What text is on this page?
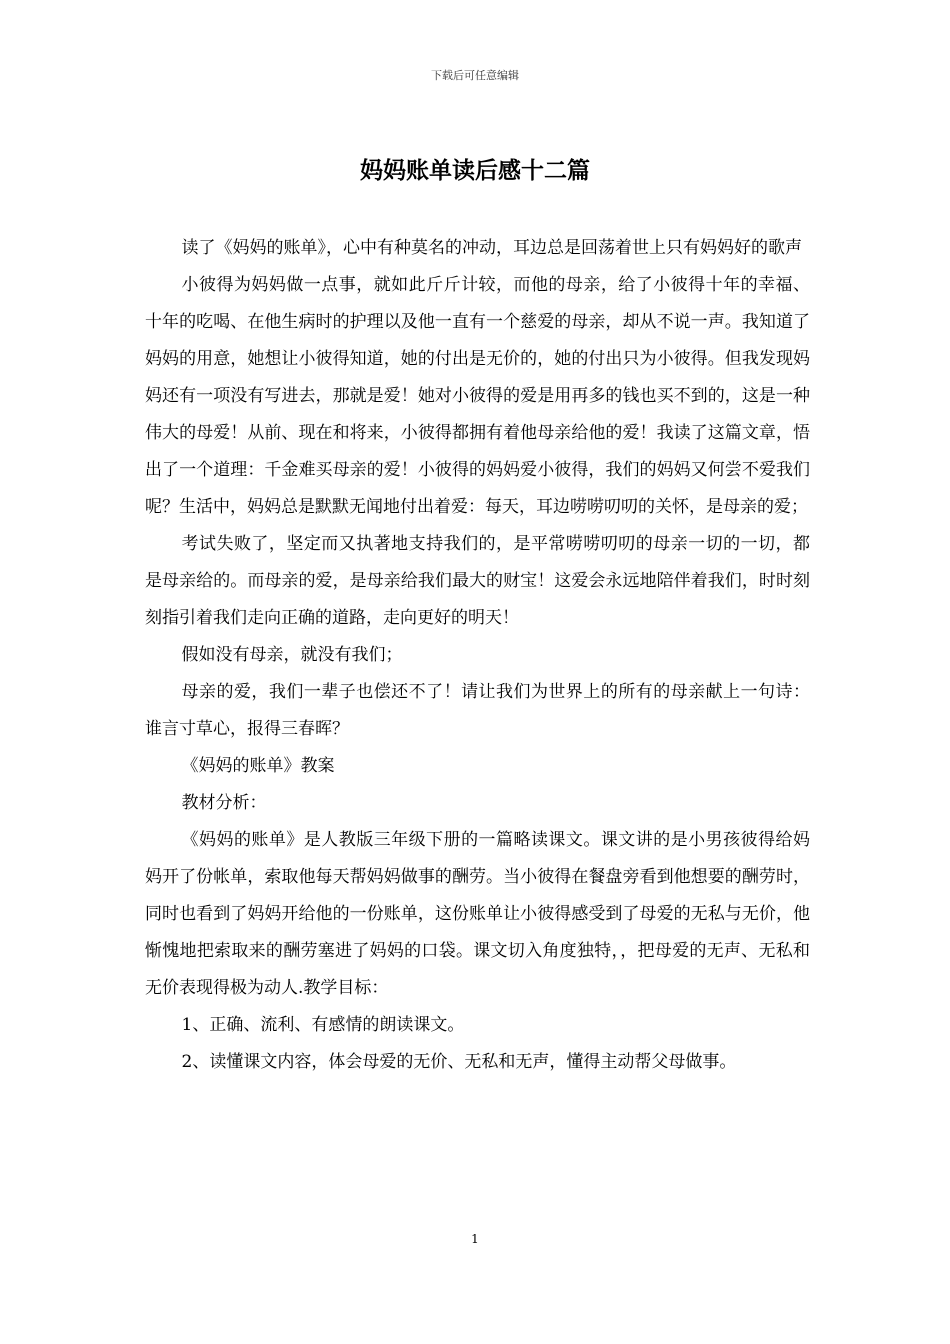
下载后可任意编辑
妈妈账单读后感十二篇

读了《妈妈的账单》，心中有种莫名的冲动，耳边总是回荡着世上只有妈妈好的歌声

小彼得为妈妈做一点事，就如此斤斤计较，而他的母亲，给了小彼得十年的幸福、十年的吃喝、在他生病时的护理以及他一直有一个慈爱的母亲，却从不说一声。我知道了妈妈的用意，她想让小彼得知道，她的付出是无价的，她的付出只为小彼得。但我发现妈妈还有一项没有写进去，那就是爱！她对小彼得的爱是用再多的钱也买不到的，这是一种伟大的母爱！从前、现在和将来，小彼得都拥有着他母亲给他的爱！我读了这篇文章，悟出了一个道理：千金难买母亲的爱！小彼得的妈妈爱小彼得，我们的妈妈又何尝不爱我们呢？生活中，妈妈总是默默无闻地付出着爱：每天，耳边唠唠叨叨的关怀，是母亲的爱；

考试失败了，坚定而又执著地支持我们的，是平常唠唠叨叨的母亲一切的一切，都是母亲给的。而母亲的爱，是母亲给我们最大的财宝！这爱会永远地陪伴着我们，时时刻刻指引着我们走向正确的道路，走向更好的明天！

假如没有母亲，就没有我们；

母亲的爱，我们一辈子也偿还不了！请让我们为世界上的所有的母亲献上一句诗：谁言寸草心，报得三春晖？

《妈妈的账单》教案

教材分析：

《妈妈的账单》是人教版三年级下册的一篇略读课文。课文讲的是小男孩彼得给妈妈开了份帐单，索取他每天帮妈妈做事的酬劳。当小彼得在餐盘旁看到他想要的酬劳时，同时也看到了妈妈开给他的一份账单，这份账单让小彼得感受到了母爱的无私与无价，他惭愧地把索取来的酬劳塞进了妈妈的口袋。课文切入角度独特，，把母爱的无声、无私和无价表现得极为动人.教学目标：

1、正确、流利、有感情的朗读课文。

2、读懂课文内容，体会母爱的无价、无私和无声，懂得主动帮父母做事。

1
